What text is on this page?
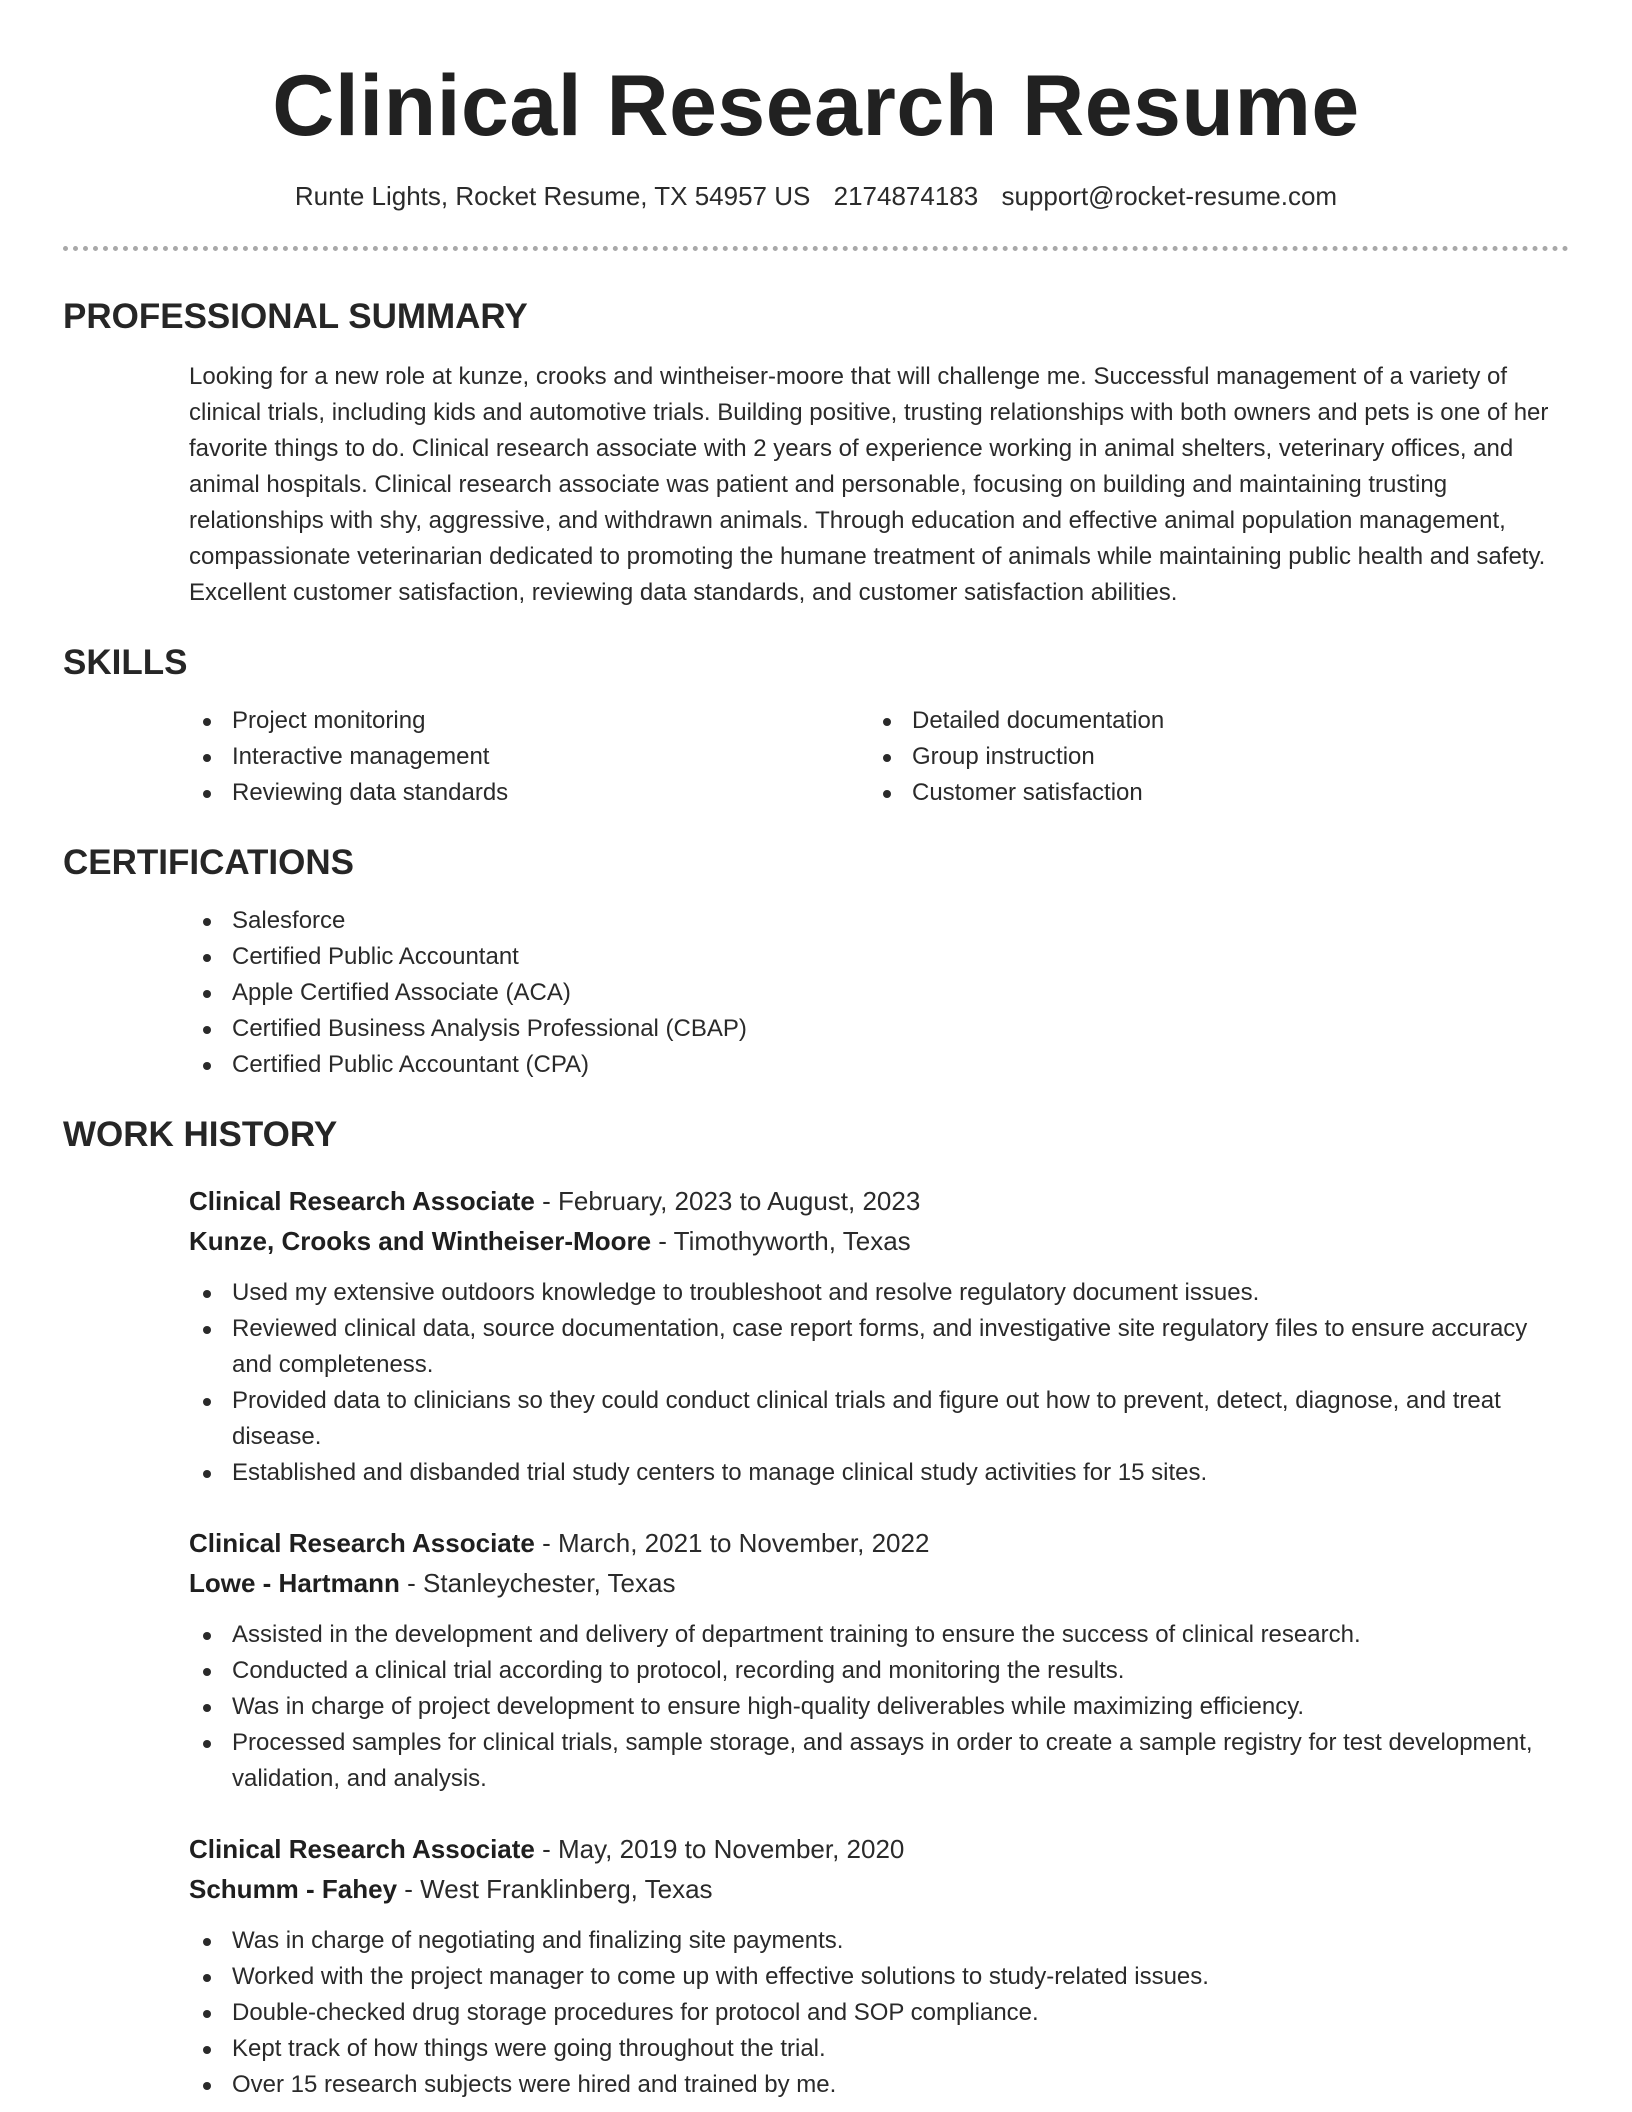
Clinical Research Resume
Runte Lights, Rocket Resume, TX 54957 US 2174874183 support@rocket-resume.com
PROFESSIONAL SUMMARY

Looking for a new role at kunze, crooks and wintheiser-moore that will challenge me. Successful management of a variety of clinical trials, including kids and automotive trials. Building positive, trusting relationships with both owners and pets is one of her favorite things to do. Clinical research associate with 2 years of experience working in animal shelters, veterinary offices, and animal hospitals. Clinical research associate was patient and personable, focusing on building and maintaining trusting relationships with shy, aggressive, and withdrawn animals. Through education and effective animal population management, compassionate veterinarian dedicated to promoting the humane treatment of animals while maintaining public health and safety. Excellent customer satisfaction, reviewing data standards, and customer satisfaction abilities.

SKILLS
Project monitoring
Interactive management
Reviewing data standards
Detailed documentation
Group instruction
Customer satisfaction
CERTIFICATIONS
Salesforce
Certified Public Accountant
Apple Certified Associate (ACA)
Certified Business Analysis Professional (CBAP)
Certified Public Accountant (CPA)
WORK HISTORY
Clinical Research Associate - February, 2023 to August, 2023
Kunze, Crooks and Wintheiser-Moore - Timothyworth, Texas
Used my extensive outdoors knowledge to troubleshoot and resolve regulatory document issues.
Reviewed clinical data, source documentation, case report forms, and investigative site regulatory files to ensure accuracy and completeness.
Provided data to clinicians so they could conduct clinical trials and figure out how to prevent, detect, diagnose, and treat disease.
Established and disbanded trial study centers to manage clinical study activities for 15 sites.
Clinical Research Associate - March, 2021 to November, 2022
Lowe - Hartmann - Stanleychester, Texas
Assisted in the development and delivery of department training to ensure the success of clinical research.
Conducted a clinical trial according to protocol, recording and monitoring the results.
Was in charge of project development to ensure high-quality deliverables while maximizing efficiency.
Processed samples for clinical trials, sample storage, and assays in order to create a sample registry for test development, validation, and analysis.
Clinical Research Associate - May, 2019 to November, 2020
Schumm - Fahey - West Franklinberg, Texas
Was in charge of negotiating and finalizing site payments.
Worked with the project manager to come up with effective solutions to study-related issues.
Double-checked drug storage procedures for protocol and SOP compliance.
Kept track of how things were going throughout the trial.
Over 15 research subjects were hired and trained by me.
